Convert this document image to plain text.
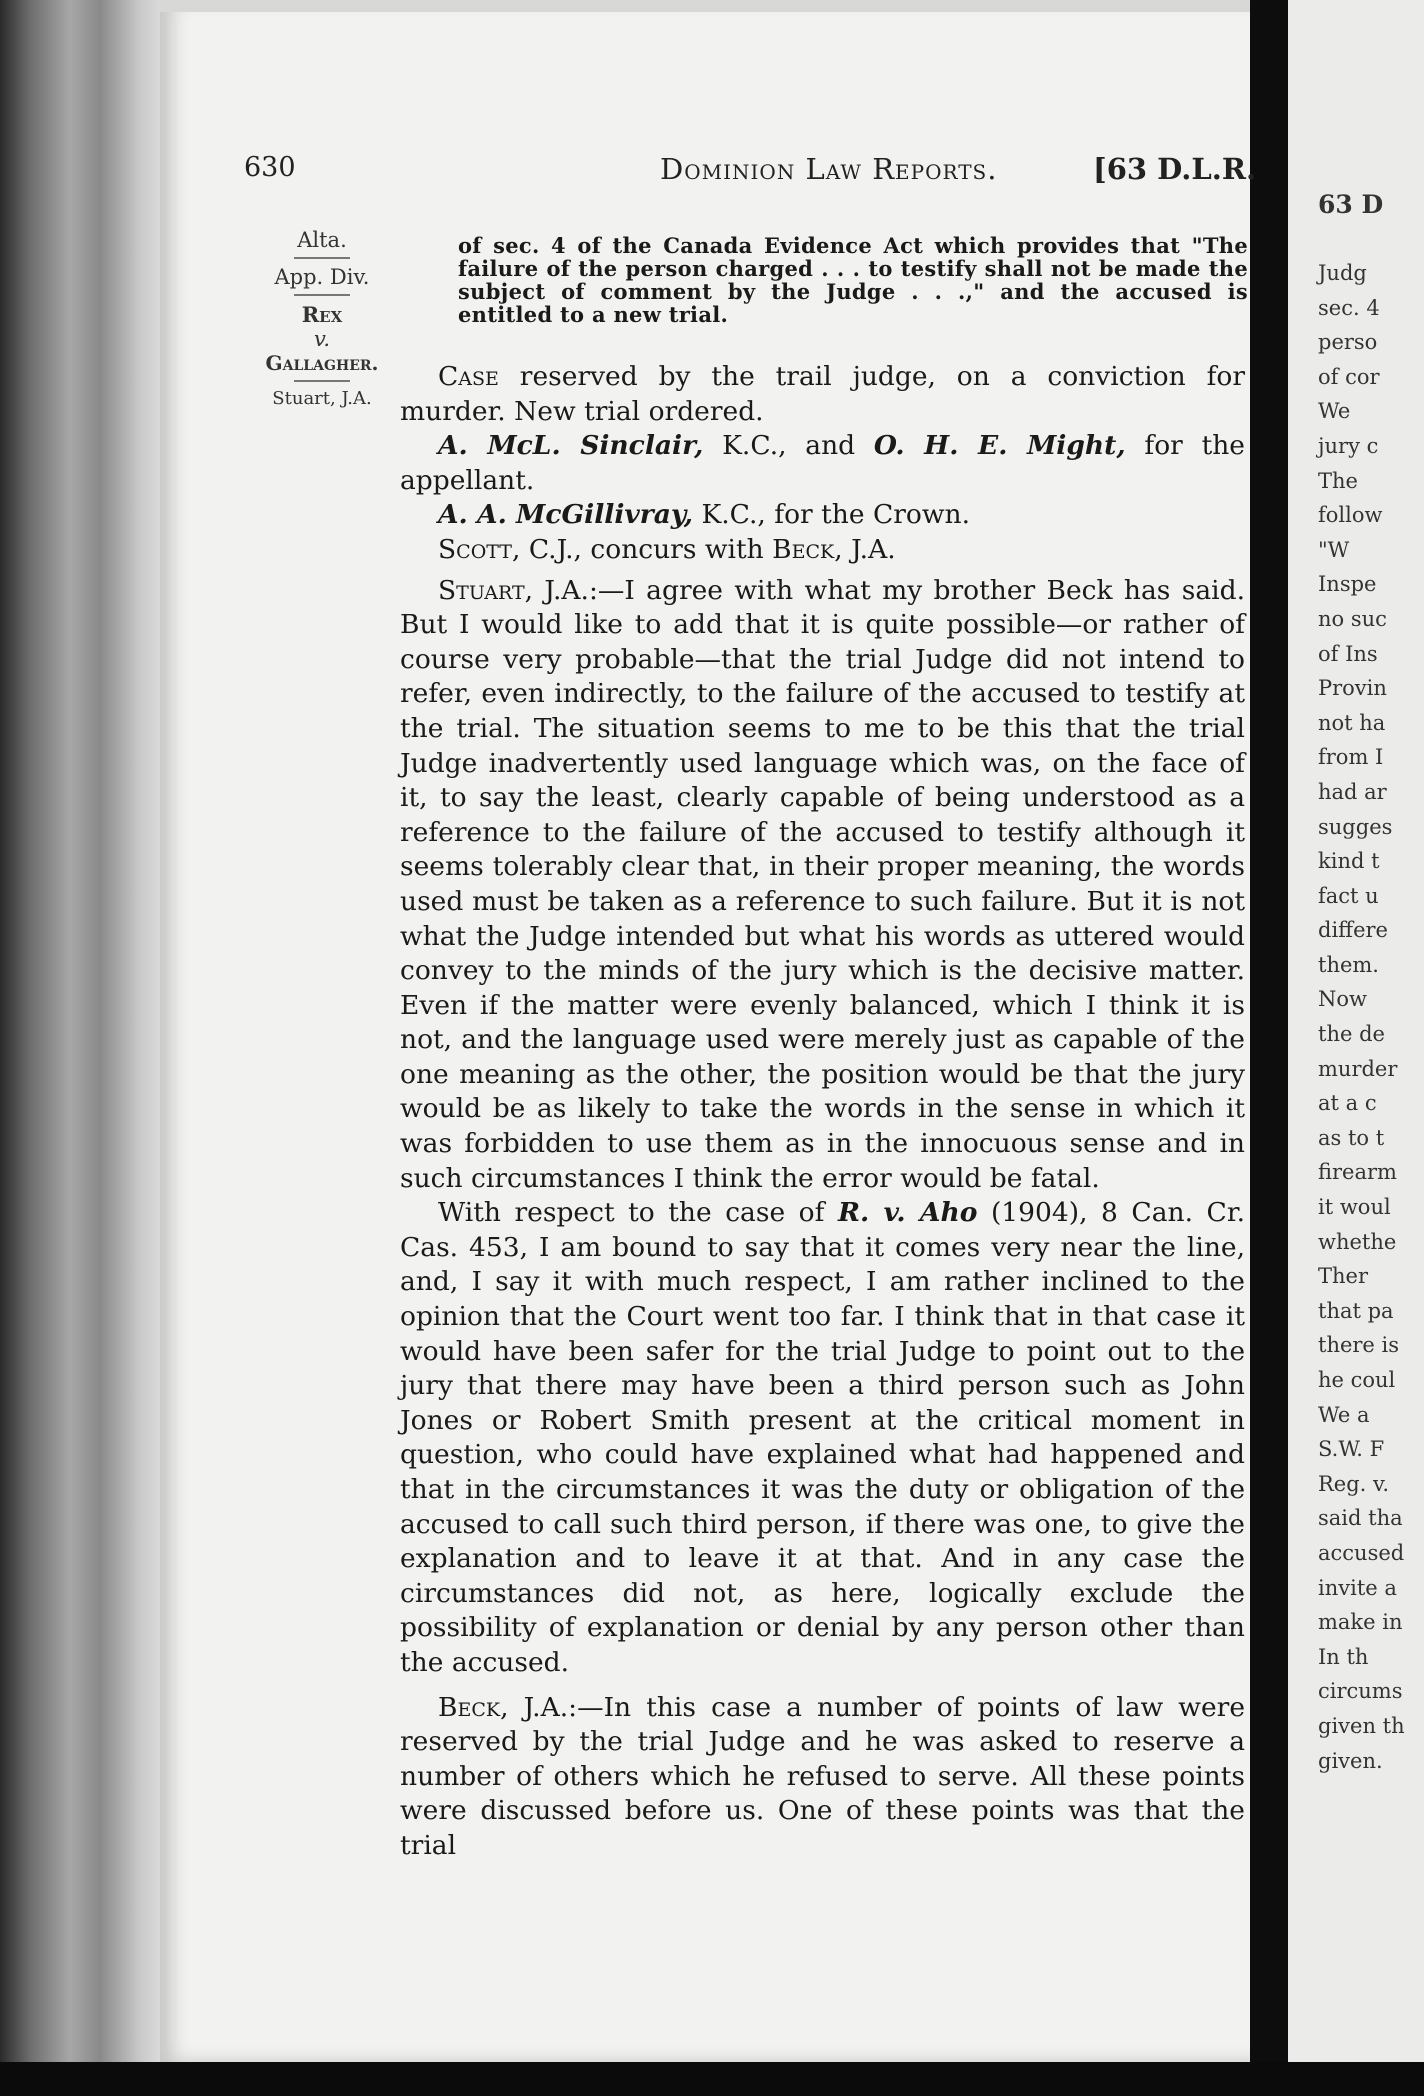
630	Dominion Law Reports.	[63 D.L.R.
Alta.
App. Div.
Rex
v.
Gallagher.
Stuart, J.A.
of sec. 4 of the Canada Evidence Act which provides that "The failure of the person charged . . . to testify shall not be made the subject of comment by the Judge . . .," and the accused is entitled to a new trial.

Case reserved by the trail judge, on a conviction for murder. New trial ordered.

A. McL. Sinclair, K.C., and O. H. E. Might, for the appellant.

A. A. McGillivray, K.C., for the Crown.

Scott, C.J., concurs with Beck, J.A.

Stuart, J.A.:—I agree with what my brother Beck has said. But I would like to add that it is quite possible—or rather of course very probable—that the trial Judge did not intend to refer, even indirectly, to the failure of the accused to testify at the trial. The situation seems to me to be this that the trial Judge inadvertently used language which was, on the face of it, to say the least, clearly capable of being understood as a reference to the failure of the accused to testify although it seems tolerably clear that, in their proper meaning, the words used must be taken as a reference to such failure. But it is not what the Judge intended but what his words as uttered would convey to the minds of the jury which is the decisive matter. Even if the matter were evenly balanced, which I think it is not, and the language used were merely just as capable of the one meaning as the other, the position would be that the jury would be as likely to take the words in the sense in which it was forbidden to use them as in the innocuous sense and in such circumstances I think the error would be fatal.

With respect to the case of R. v. Aho (1904), 8 Can. Cr. Cas. 453, I am bound to say that it comes very near the line, and, I say it with much respect, I am rather inclined to the opinion that the Court went too far. I think that in that case it would have been safer for the trial Judge to point out to the jury that there may have been a third person such as John Jones or Robert Smith present at the critical moment in question, who could have explained what had happened and that in the circumstances it was the duty or obligation of the accused to call such third person, if there was one, to give the explanation and to leave it at that. And in any case the circumstances did not, as here, logically exclude the possibility of explanation or denial by any person other than the accused.

Beck, J.A.:—In this case a number of points of law were reserved by the trial Judge and he was asked to reserve a number of others which he refused to serve. All these points were discussed before us. One of these points was that the trial

63 D
Judg
sec. 4
perso
of cor
We
jury c
The
follow
"W
Inspe
no suc
of Ins
Provin
not ha
from I
had ar
sugges
kind t
fact u
differe
them.
Now
the de
murder
at a c
as to t
firearm
it woul
whethe
Ther
that pa
there is
he coul
We a
S.W. F
Reg. v.
said tha
accused
invite a
make in
In th
circums
given th
given.
